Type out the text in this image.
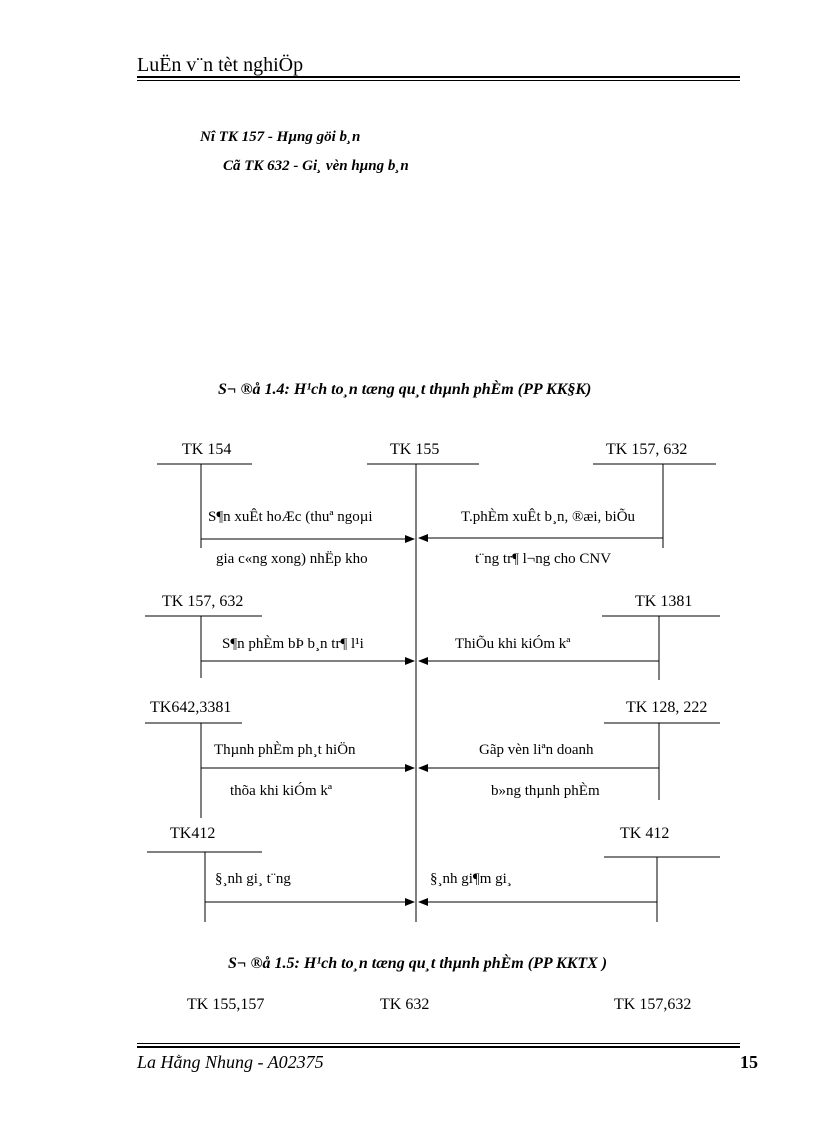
LuËn v¨n tèt nghiÖp
Nî TK 157 - Hµng göi b¸n
Cã TK 632 - Gi¸ vèn hµng b¸n
S¬ ®å 1.4: H¹ch to¸n tæng qu¸t thµnh phÈm (PP KK§K)
TK 154	TK 155	TK 157, 632
TK 157, 632	TK 1381
TK642,3381	TK 128, 222
TK412	TK 412
S¶n xuÊt hoÆc (thuª ngoµi
gia c«ng xong) nhËp kho
T.phÈm xuÊt b¸n, ®æi, biÕu
t¨ng tr¶ l¬ng cho CNV
S¶n phÈm bÞ b¸n tr¶ l¹i	ThiÕu khi kiÓm kª
Thµnh phÈm ph¸t hiÖn
thõa khi kiÓm kª
Gãp vèn liªn doanh
b»ng thµnh phÈm
§¸nh gi¸ t¨ng	§¸nh gi¶m gi¸
S¬ ®å 1.5: H¹ch to¸n tæng qu¸t thµnh phÈm (PP KKTX )
TK 155,157	TK 632	TK 157,632
La Hằng Nhung - A02375	15
